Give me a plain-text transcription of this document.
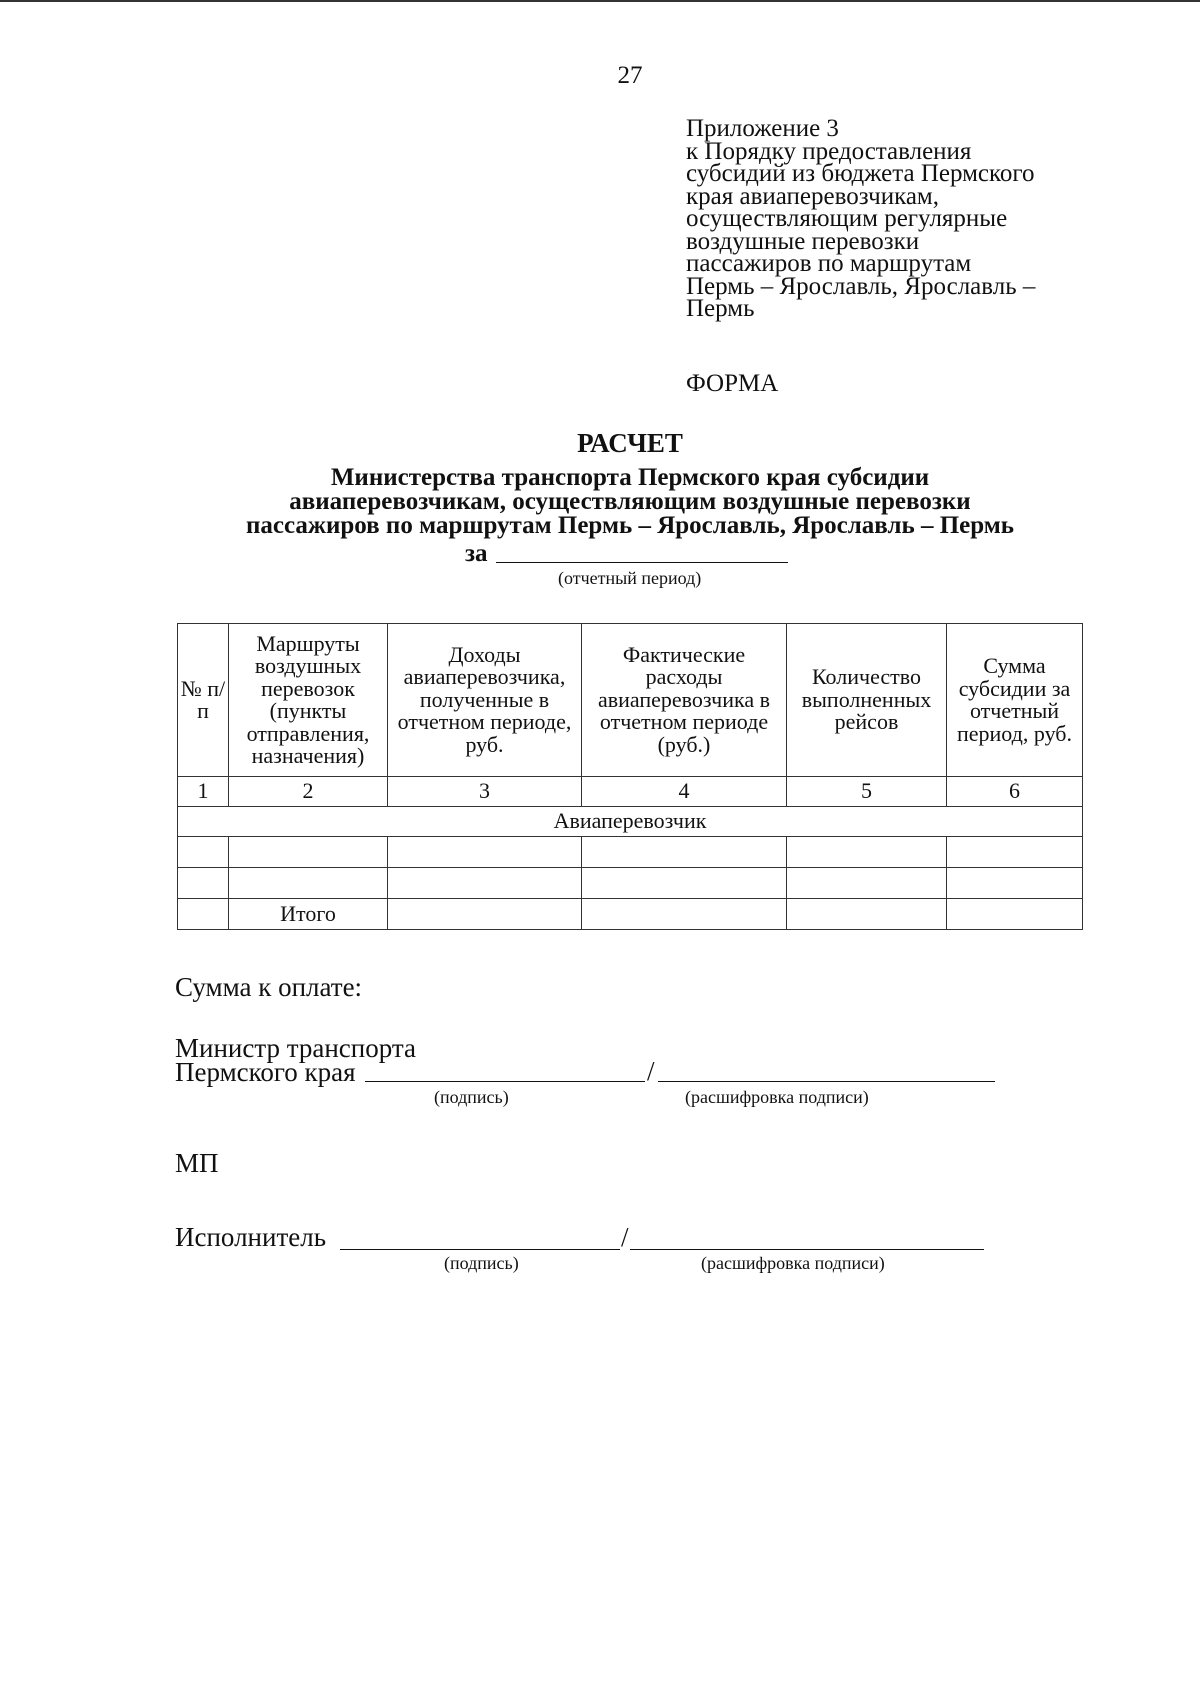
27
Приложение 3
к Порядку предоставления
субсидий из бюджета Пермского
края авиаперевозчикам,
осуществляющим регулярные
воздушные перевозки
пассажиров по маршрутам
Пермь – Ярославль, Ярославль –
Пермь
ФОРМА
РАСЧЕТ
Министерства транспорта Пермского края субсидии
авиаперевозчикам, осуществляющим воздушные перевозки
пассажиров по маршрутам Пермь – Ярославль, Ярославль – Пермь
за
(отчетный период)
№ п/п	Маршруты воздушных перевозок (пункты отправления, назначения)	Доходы авиаперевозчика, полученные в отчетном периоде, руб.	Фактические расходы авиаперевозчика в отчетном периоде (руб.)	Количество выполненных рейсов	Сумма субсидии за отчетный период, руб.
1	2	3	4	5	6
Авиаперевозчик					

	Итого				
Сумма к оплате:
Министр транспорта
Пермского края	/
(подпись)	(расшифровка подписи)
МП
Исполнитель	/
(подпись)	(расшифровка подписи)
